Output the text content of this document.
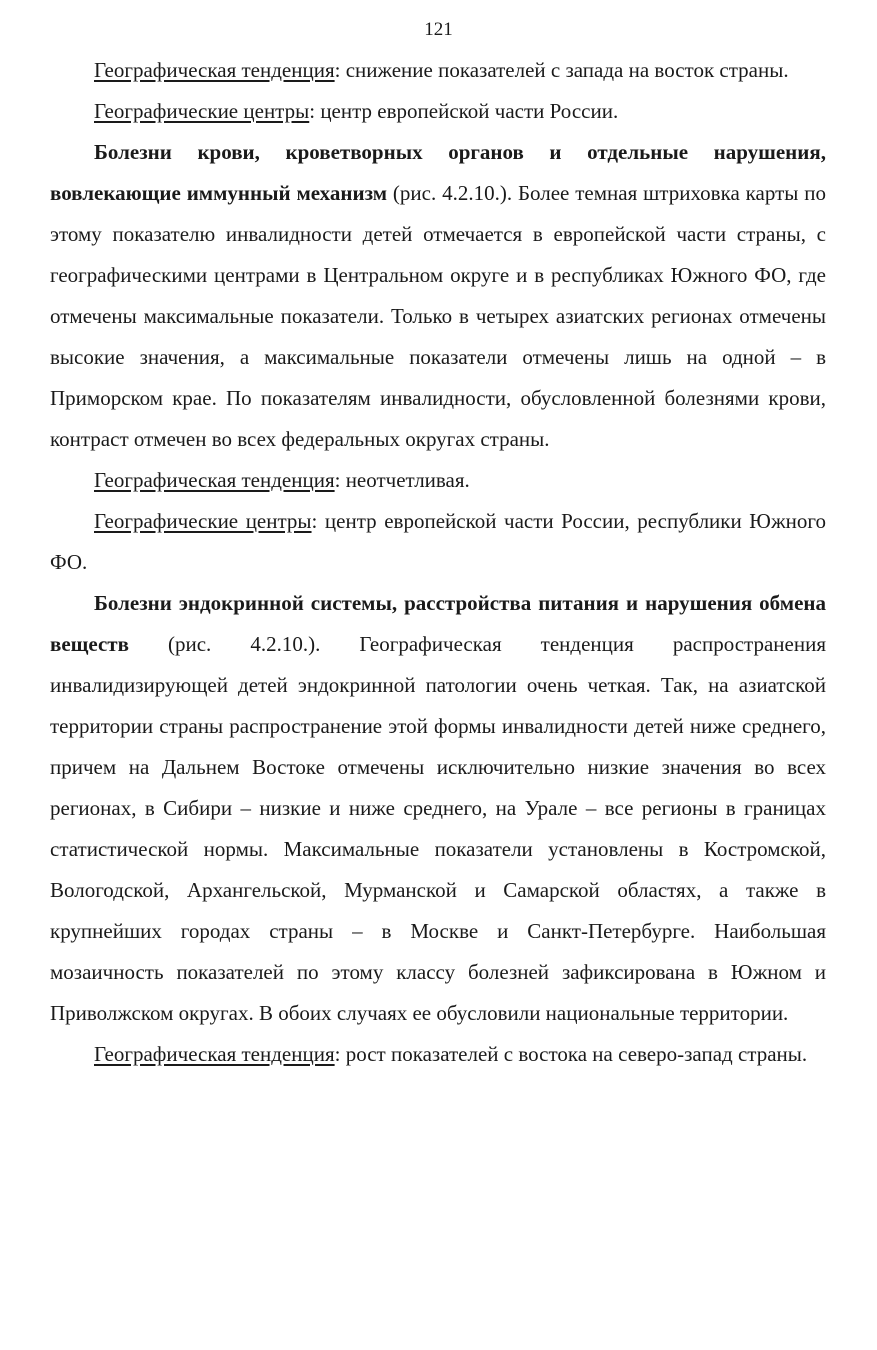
121

Географическая тенденция: снижение показателей с запада на восток страны.

Географические центры: центр европейской части России.

Болезни крови, кроветворных органов и отдельные нарушения, вовлекающие иммунный механизм (рис. 4.2.10.). Более темная штриховка карты по этому показателю инвалидности детей отмечается в европейской части страны, с географическими центрами в Центральном округе и в республиках Южного ФО, где отмечены максимальные показатели. Только в четырех азиатских регионах отмечены высокие значения, а максимальные показатели отмечены лишь на одной – в Приморском крае. По показателям инвалидности, обусловленной болезнями крови, контраст отмечен во всех федеральных округах страны.

Географическая тенденция: неотчетливая.

Географические центры: центр европейской части России, республики Южного ФО.

Болезни эндокринной системы, расстройства питания и нарушения обмена веществ (рис. 4.2.10.). Географическая тенденция распространения инвалидизирующей детей эндокринной патологии очень четкая. Так, на азиатской территории страны распространение этой формы инвалидности детей ниже среднего, причем на Дальнем Востоке отмечены исключительно низкие значения во всех регионах, в Сибири – низкие и ниже среднего, на Урале – все регионы в границах статистической нормы. Максимальные показатели установлены в Костромской, Вологодской, Архангельской, Мурманской и Самарской областях, а также в крупнейших городах страны – в Москве и Санкт-Петербурге. Наибольшая мозаичность показателей по этому классу болезней зафиксирована в Южном и Приволжском округах. В обоих случаях ее обусловили национальные территории.

Географическая тенденция: рост показателей с востока на северо-запад страны.
